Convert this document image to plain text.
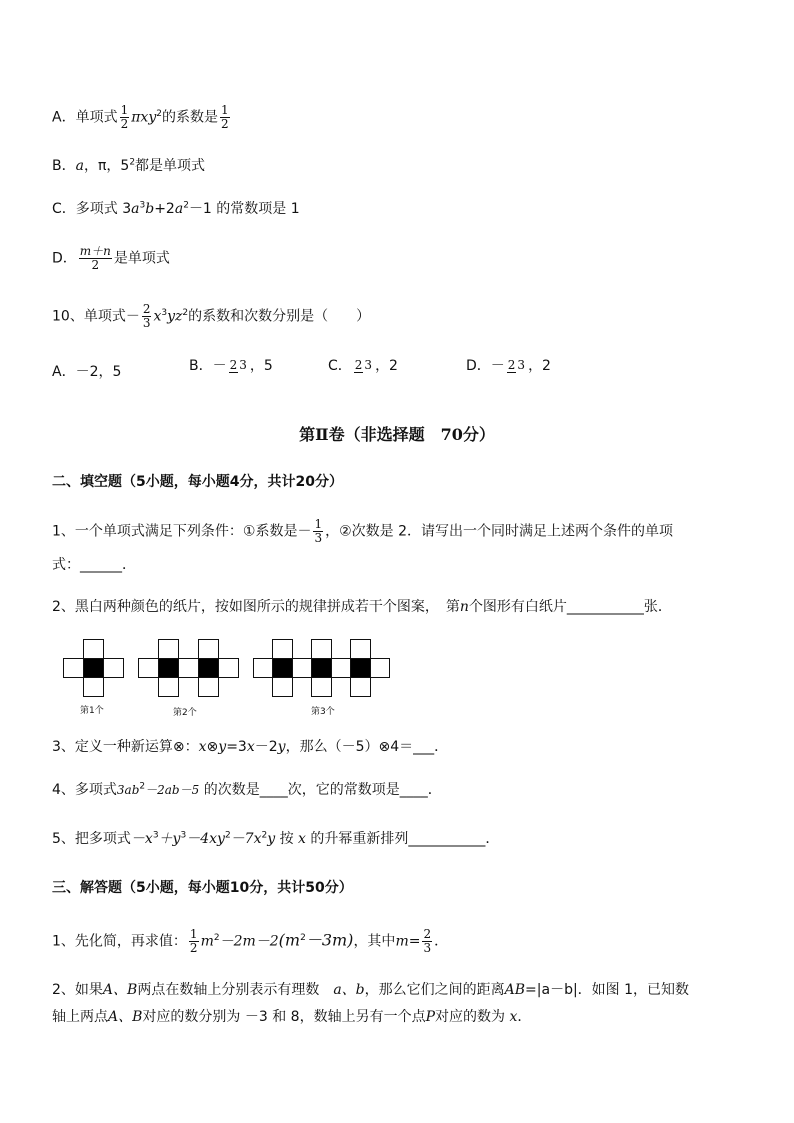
A．单项式 $\frac{1}{2} \pi xy^2$的系数是 $\frac{1}{2}$
B．a，π，$5^2$都是单项式
C．多项式 $3a^3b+2a^2-1$ 的常数项是 1
D． $\frac{m+n}{2}$ 是单项式
10、单项式－ $\frac{2}{3} x^3yz^2$的系数和次数分别是（　　）
A．－2，5	B．－ 2 3 ，5	C． 2 3 ，2	D．－ 2 3 ，2
第Ⅱ卷（非选择题　70分）
二、填空题（5小题，每小题4分，共计20分）
1、一个单项式满足下列条件：①系数是－ $\frac{1}{3}$ ，②次数是 2．请写出一个同时满足上述两个条件的单项
式：______．
2、黑白两种颜色的纸片，按如图所示的规律拼成若干个图案，　第n个图形有白纸片___________张．
第1个	第2个	第3个
3、定义一种新运算⊗：x⊗y=3x－2y，那么（－5）⊗4＝___．
4、多项式$3ab^2-2ab-5$ 的次数是____次，它的常数项是____．
5、把多项式$-x^3+y^3-4xy^2-7x^2y$ 按 x 的升幂重新排列___________．
三、解答题（5小题，每小题10分，共计50分）
1、先化简，再求值： $\frac{1}{2} m^2-2m-2(m^2-3m)$，其中$m= \frac{2}{3}$ ．
2、如果A、B两点在数轴上分别表示有理数　 a、b，那么它们之间的距离AB=|a－b|．如图 1，已知数
轴上两点A、B对应的数分别为 －3 和 8，数轴上另有一个点P对应的数为 x．
